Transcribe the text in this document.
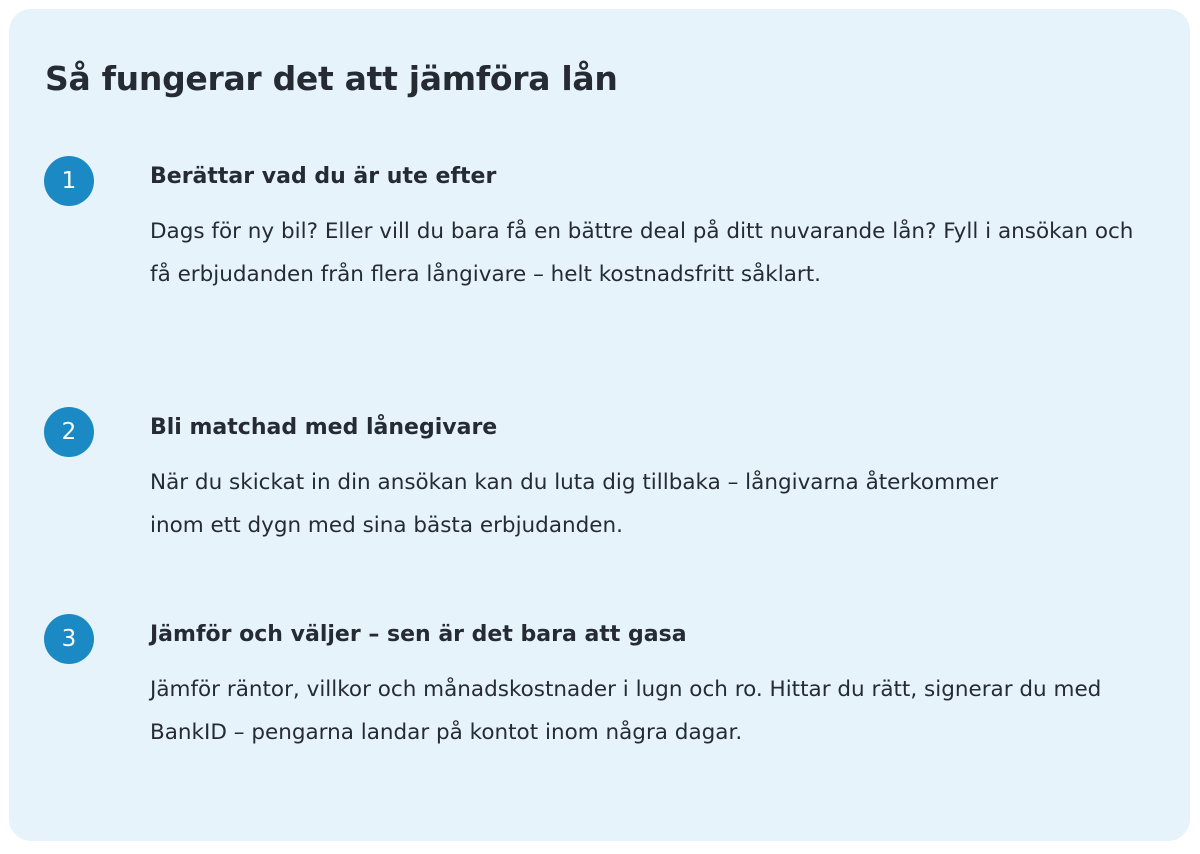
Så fungerar det att jämföra lån
1	Berättar vad du är ute efter

Dags för ny bil? Eller vill du bara få en bättre deal på ditt nuvarande lån? Fyll i ansökan och få erbjudanden från flera långivare – helt kostnadsfritt såklart.

2	Bli matchad med lånegivare

När du skickat in din ansökan kan du luta dig tillbaka – långivarna återkommer inom ett dygn med sina bästa erbjudanden.

3	Jämför och väljer – sen är det bara att gasa

Jämför räntor, villkor och månadskostnader i lugn och ro. Hittar du rätt, signerar du med BankID – pengarna landar på kontot inom några dagar.
